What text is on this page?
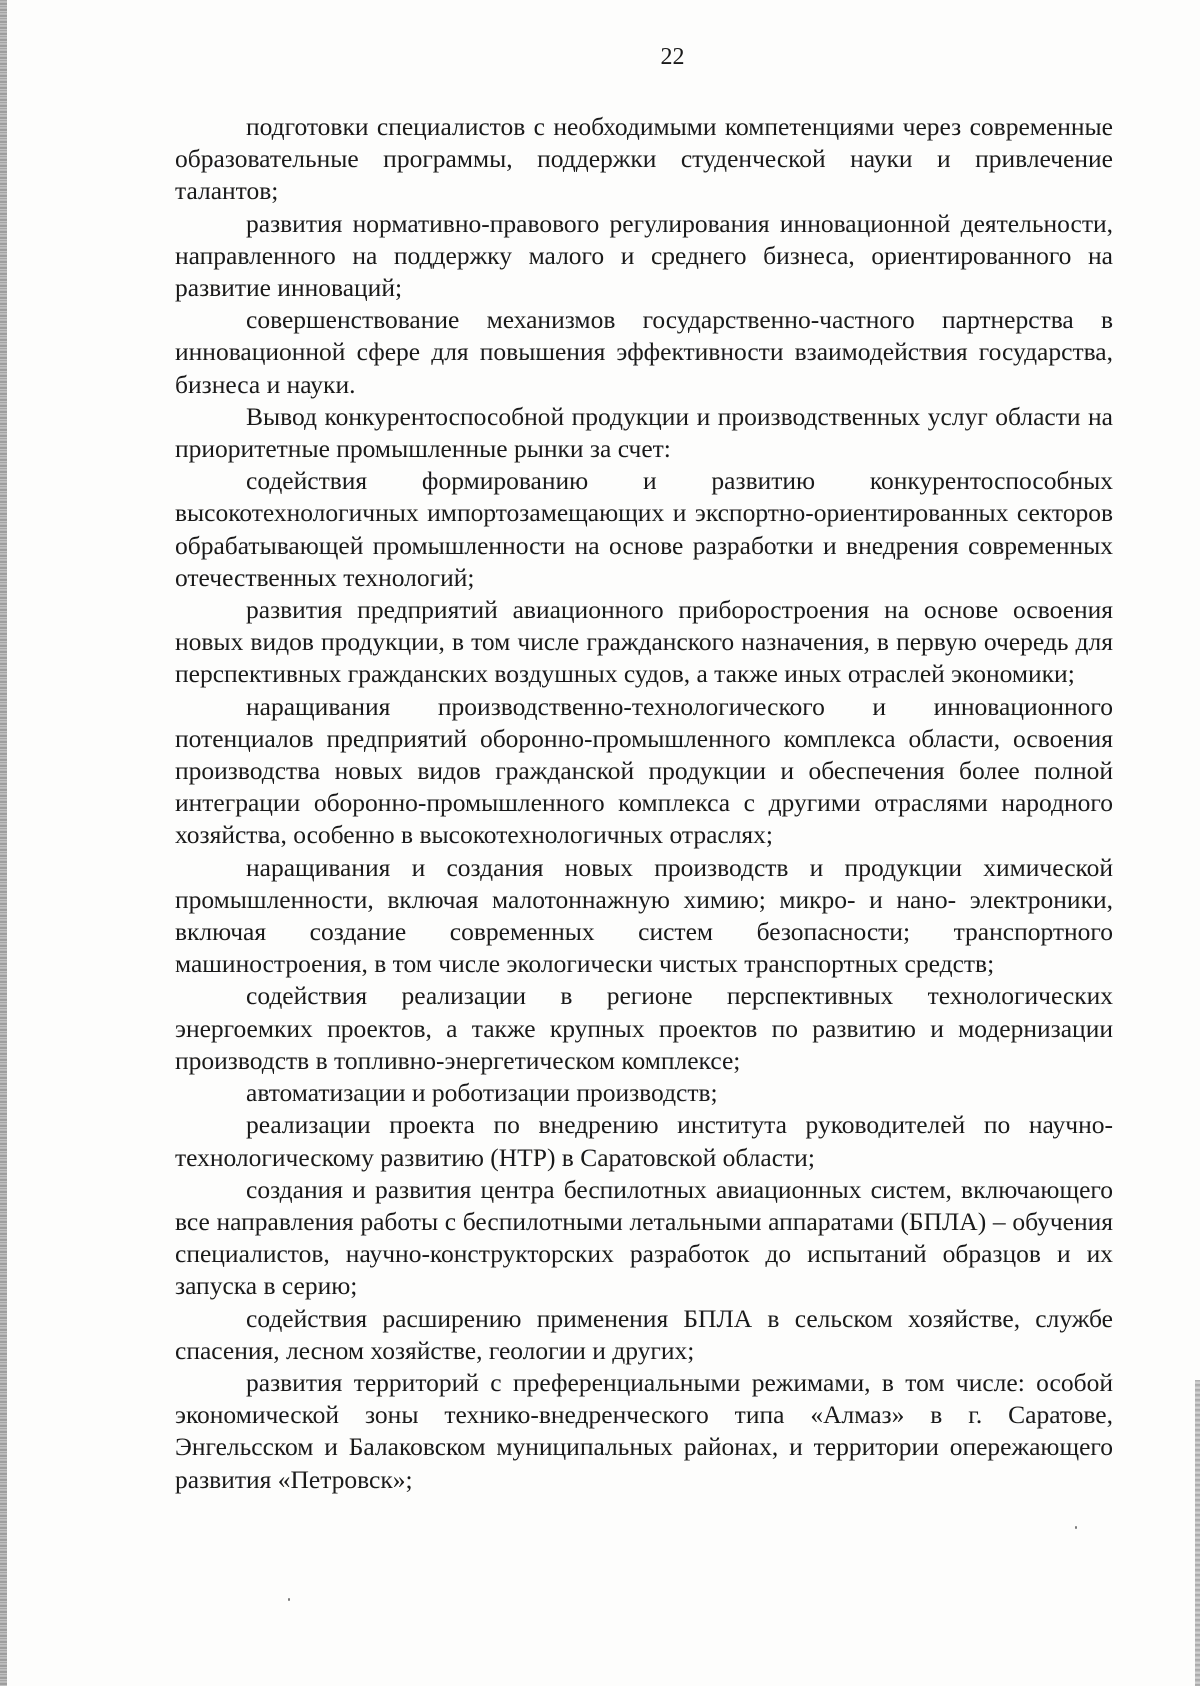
22

подготовки специалистов с необходимыми компетенциями через современные образовательные программы, поддержки студенческой науки и привлечение талантов;

развития нормативно-правового регулирования инновационной деятельности, направленного на поддержку малого и среднего бизнеса, ориентированного на развитие инноваций;

совершенствование механизмов государственно-частного партнерства в инновационной сфере для повышения эффективности взаимодействия государства, бизнеса и науки.

Вывод конкурентоспособной продукции и производственных услуг области на приоритетные промышленные рынки за счет:

содействия формированию и развитию конкурентоспособных высокотехнологичных импортозамещающих и экспортно-ориентированных секторов обрабатывающей промышленности на основе разработки и внедрения современных отечественных технологий;

развития предприятий авиационного приборостроения на основе освоения новых видов продукции, в том числе гражданского назначения, в первую очередь для перспективных гражданских воздушных судов, а также иных отраслей экономики;

наращивания производственно-технологического и инновационного потенциалов предприятий оборонно-промышленного комплекса области, освоения производства новых видов гражданской продукции и обеспечения более полной интеграции оборонно-промышленного комплекса с другими отраслями народного хозяйства, особенно в высокотехнологичных отраслях;

наращивания и создания новых производств и продукции химической промышленности, включая малотоннажную химию; микро- и нано- электроники, включая создание современных систем безопасности; транспортного машиностроения, в том числе экологически чистых транспортных средств;

содействия реализации в регионе перспективных технологических энергоемких проектов, а также крупных проектов по развитию и модернизации производств в топливно-энергетическом комплексе;

автоматизации и роботизации производств;

реализации проекта по внедрению института руководителей по научно-технологическому развитию (НТР) в Саратовской области;

создания и развития центра беспилотных авиационных систем, включающего все направления работы с беспилотными летальными аппаратами (БПЛА) – обучения специалистов, научно-конструкторских разработок до испытаний образцов и их запуска в серию;

содействия расширению применения БПЛА в сельском хозяйстве, службе спасения, лесном хозяйстве, геологии и других;

развития территорий с преференциальными режимами, в том числе: особой экономической зоны технико-внедренческого типа «Алмаз» в г. Саратове, Энгельсском и Балаковском муниципальных районах, и территории опережающего развития «Петровск»;
